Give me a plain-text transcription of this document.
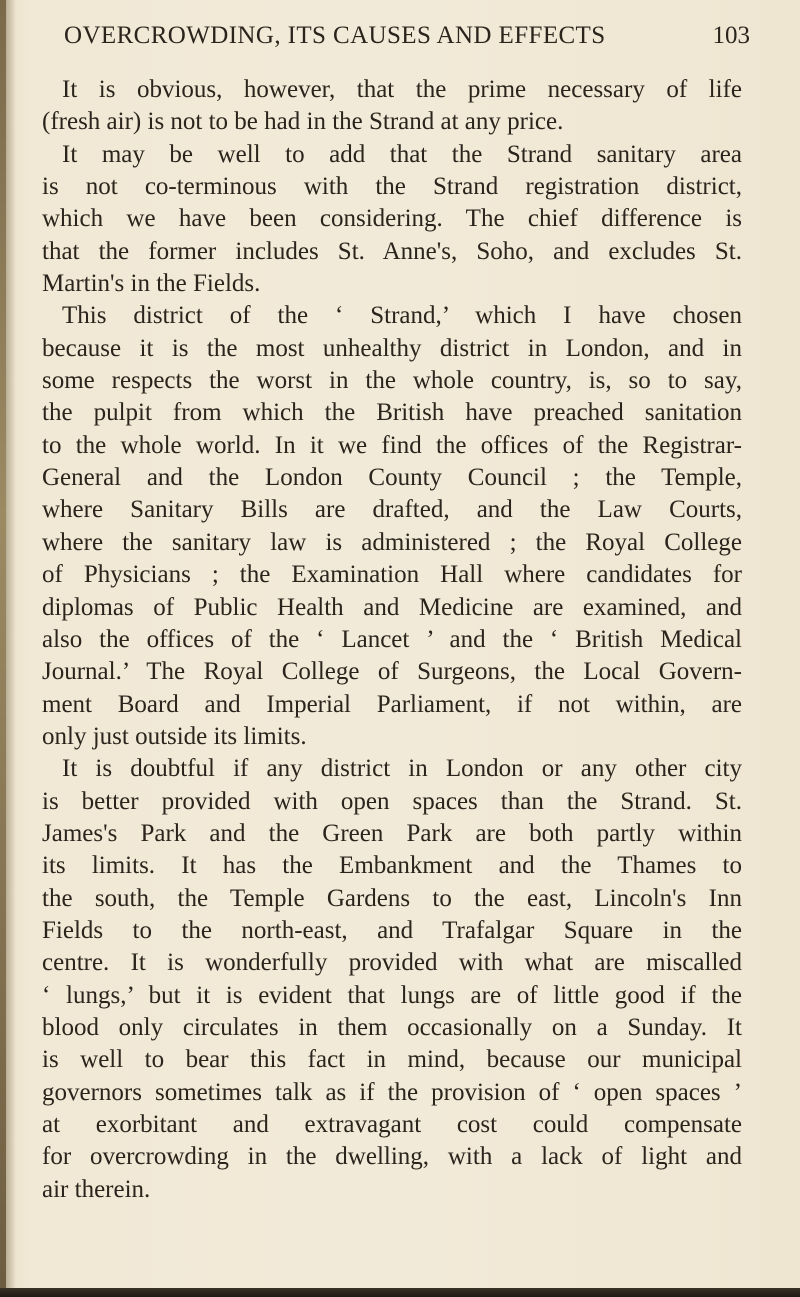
OVERCROWDING, ITS CAUSES AND EFFECTS	103
It is obvious, however, that the prime necessary of life
(fresh air) is not to be had in the Strand at any price.
It may be well to add that the Strand sanitary area
is not co-terminous with the Strand registration district,
which we have been considering. The chief difference is
that the former includes St. Anne's, Soho, and excludes St.
Martin's in the Fields.
This district of the ‘ Strand,’ which I have chosen
because it is the most unhealthy district in London, and in
some respects the worst in the whole country, is, so to say,
the pulpit from which the British have preached sanitation
to the whole world. In it we find the offices of the Registrar-
General and the London County Council ; the Temple,
where Sanitary Bills are drafted, and the Law Courts,
where the sanitary law is administered ; the Royal College
of Physicians ; the Examination Hall where candidates for
diplomas of Public Health and Medicine are examined, and
also the offices of the ‘ Lancet ’ and the ‘ British Medical
Journal.’ The Royal College of Surgeons, the Local Govern-
ment Board and Imperial Parliament, if not within, are
only just outside its limits.
It is doubtful if any district in London or any other city
is better provided with open spaces than the Strand. St.
James's Park and the Green Park are both partly within
its limits. It has the Embankment and the Thames to
the south, the Temple Gardens to the east, Lincoln's Inn
Fields to the north-east, and Trafalgar Square in the
centre. It is wonderfully provided with what are miscalled
‘ lungs,’ but it is evident that lungs are of little good if the
blood only circulates in them occasionally on a Sunday. It
is well to bear this fact in mind, because our municipal
governors sometimes talk as if the provision of ‘ open spaces ’
at exorbitant and extravagant cost could compensate
for overcrowding in the dwelling, with a lack of light and
air therein.
